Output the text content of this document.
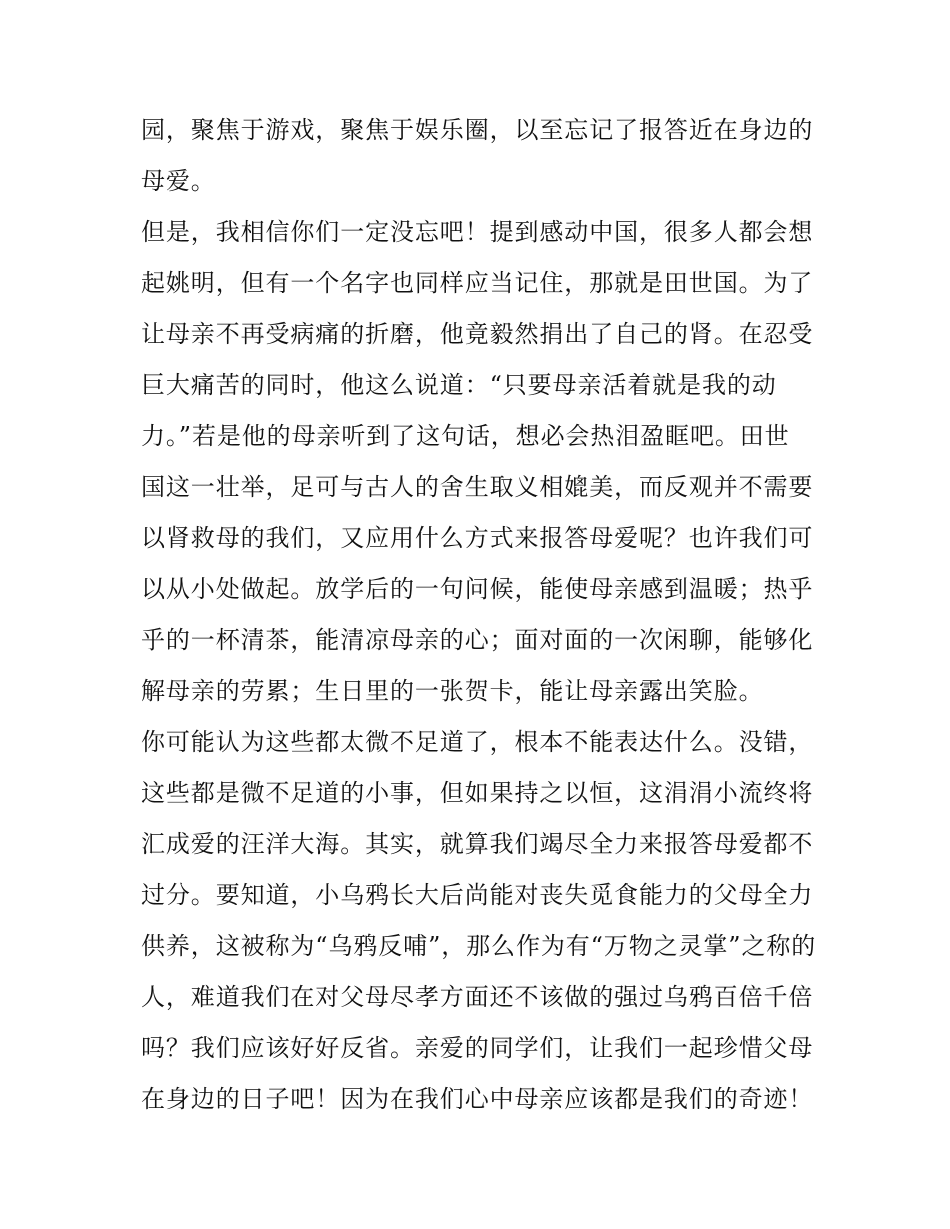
园，聚焦于游戏，聚焦于娱乐圈，以至忘记了报答近在身边的
母爱。
但是，我相信你们一定没忘吧！提到感动中国，很多人都会想
起姚明，但有一个名字也同样应当记住，那就是田世国。为了
让母亲不再受病痛的折磨，他竟毅然捐出了自己的肾。在忍受
巨大痛苦的同时，他这么说道：“只要母亲活着就是我的动
力。”若是他的母亲听到了这句话，想必会热泪盈眶吧。田世
国这一壮举，足可与古人的舍生取义相媲美，而反观并不需要
以肾救母的我们，又应用什么方式来报答母爱呢？也许我们可
以从小处做起。放学后的一句问候，能使母亲感到温暖；热乎
乎的一杯清茶，能清凉母亲的心；面对面的一次闲聊，能够化
解母亲的劳累；生日里的一张贺卡，能让母亲露出笑脸。
你可能认为这些都太微不足道了，根本不能表达什么。没错，
这些都是微不足道的小事，但如果持之以恒，这涓涓小流终将
汇成爱的汪洋大海。其实，就算我们竭尽全力来报答母爱都不
过分。要知道，小乌鸦长大后尚能对丧失觅食能力的父母全力
供养，这被称为“乌鸦反哺”，那么作为有“万物之灵掌”之称的
人，难道我们在对父母尽孝方面还不该做的强过乌鸦百倍千倍
吗？我们应该好好反省。亲爱的同学们，让我们一起珍惜父母
在身边的日子吧！因为在我们心中母亲应该都是我们的奇迹！
